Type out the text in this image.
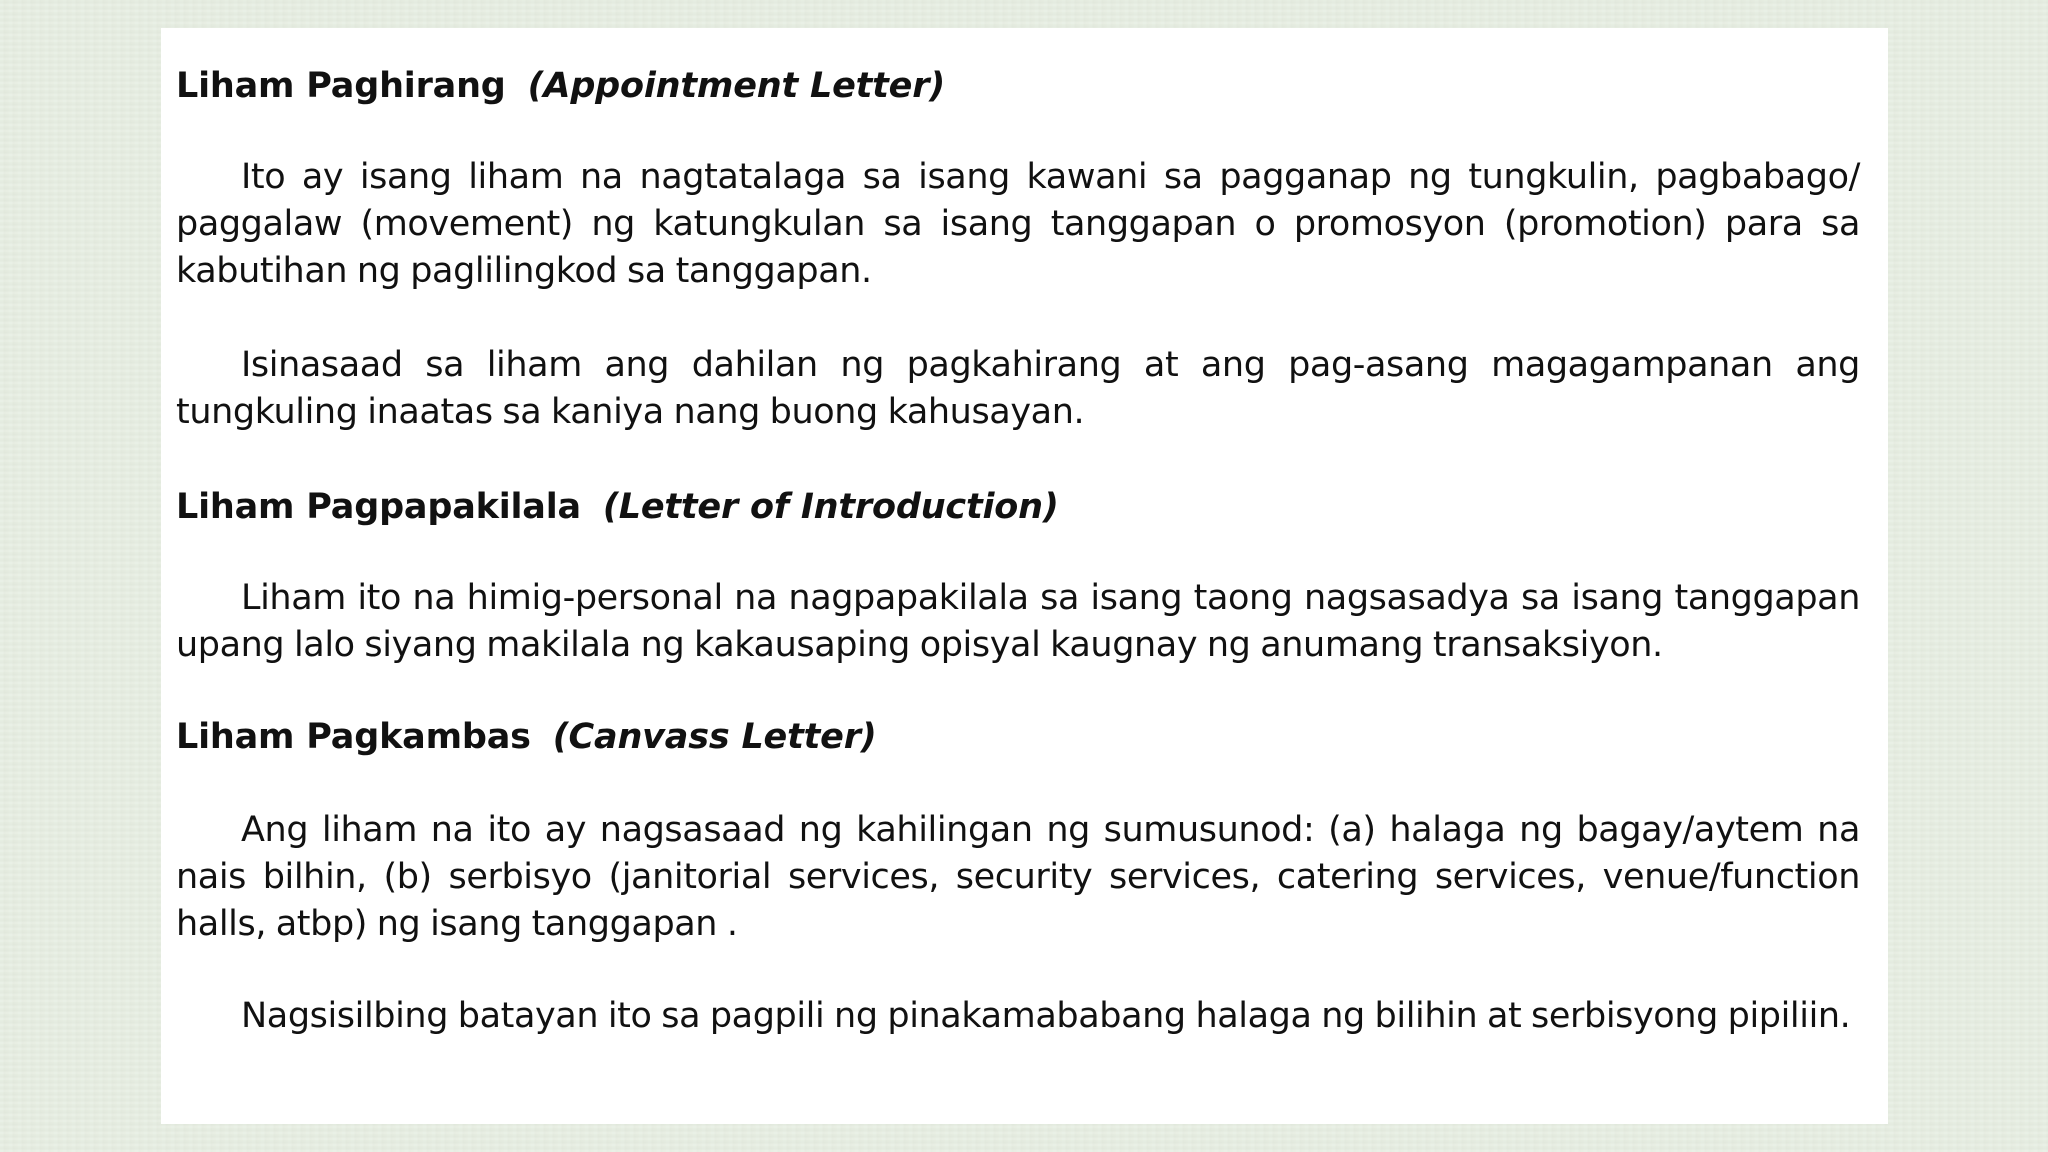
Liham Paghirang (Appointment Letter)

Ito ay isang liham na nagtatalaga sa isang kawani sa pagganap ng tungkulin, pagbabago/ paggalaw (movement) ng katungkulan sa isang tanggapan o promosyon (promotion) para sa kabutihan ng paglilingkod sa tanggapan.

Isinasaad sa liham ang dahilan ng pagkahirang at ang pag-asang magagampanan ang tungkuling inaatas sa kaniya nang buong kahusayan.

Liham Pagpapakilala (Letter of Introduction)

Liham ito na himig-personal na nagpapakilala sa isang taong nagsasadya sa isang tanggapan upang lalo siyang makilala ng kakausaping opisyal kaugnay ng anumang transaksiyon.

Liham Pagkambas (Canvass Letter)

Ang liham na ito ay nagsasaad ng kahilingan ng sumusunod: (a) halaga ng bagay/aytem na nais bilhin, (b) serbisyo (janitorial services, security services, catering services, venue/function halls, atbp) ng isang tanggapan .

Nagsisilbing batayan ito sa pagpili ng pinakamababang halaga ng bilihin at serbisyong pipiliin.
